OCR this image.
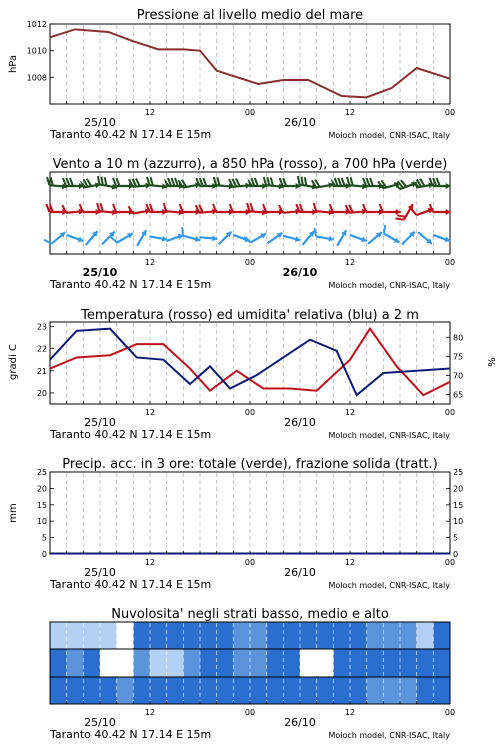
Pressione al livello medio del mare
hPa
1008
1010
1012
12	00	12	00
25/10	26/10
Taranto 40.42 N 17.14 E 15m	Moloch model, CNR-ISAC, Italy
Vento a 10 m (azzurro), a 850 hPa (rosso), a 700 hPa (verde)
12	00	12	00
25/10	26/10
Taranto 40.42 N 17.14 E 15m	Moloch model, CNR-ISAC, Italy
Temperatura (rosso) ed umidita' relativa (blu) a 2 m
gradi C	%
20
21
22
23
65
70
75
80
12	00	12	00
25/10	26/10
Taranto 40.42 N 17.14 E 15m	Moloch model, CNR-ISAC, Italy
Precip. acc. in 3 ore: totale (verde), frazione solida (tratt.)
mm
0
5
10
15
20
25
0
5
10
15
20
25
12	00	12	00
25/10	26/10
Taranto 40.42 N 17.14 E 15m	Moloch model, CNR-ISAC, Italy
Nuvolosita' negli strati basso, medio e alto
12	00	12	00
25/10	26/10
Taranto 40.42 N 17.14 E 15m	Moloch model, CNR-ISAC, Italy
